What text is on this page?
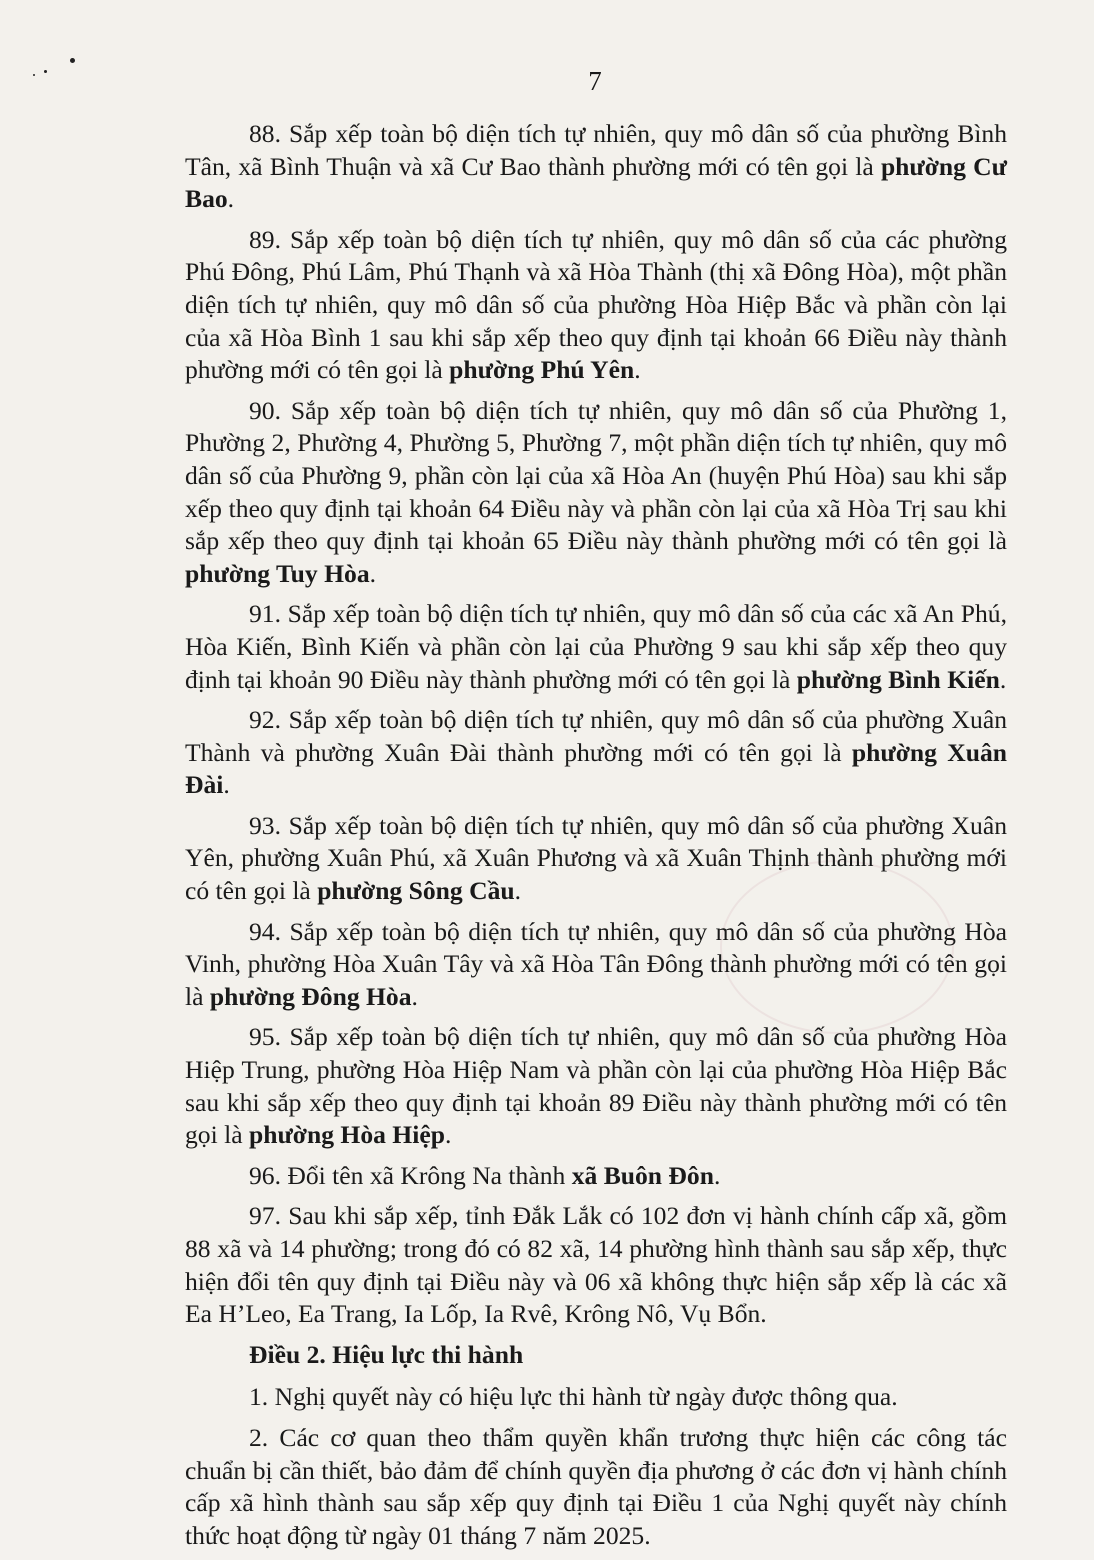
7

88. Sắp xếp toàn bộ diện tích tự nhiên, quy mô dân số của phường Bình Tân, xã Bình Thuận và xã Cư Bao thành phường mới có tên gọi là phường Cư Bao.

89. Sắp xếp toàn bộ diện tích tự nhiên, quy mô dân số của các phường Phú Đông, Phú Lâm, Phú Thạnh và xã Hòa Thành (thị xã Đông Hòa), một phần diện tích tự nhiên, quy mô dân số của phường Hòa Hiệp Bắc và phần còn lại của xã Hòa Bình 1 sau khi sắp xếp theo quy định tại khoản 66 Điều này thành phường mới có tên gọi là phường Phú Yên.

90. Sắp xếp toàn bộ diện tích tự nhiên, quy mô dân số của Phường 1, Phường 2, Phường 4, Phường 5, Phường 7, một phần diện tích tự nhiên, quy mô dân số của Phường 9, phần còn lại của xã Hòa An (huyện Phú Hòa) sau khi sắp xếp theo quy định tại khoản 64 Điều này và phần còn lại của xã Hòa Trị sau khi sắp xếp theo quy định tại khoản 65 Điều này thành phường mới có tên gọi là phường Tuy Hòa.

91. Sắp xếp toàn bộ diện tích tự nhiên, quy mô dân số của các xã An Phú, Hòa Kiến, Bình Kiến và phần còn lại của Phường 9 sau khi sắp xếp theo quy định tại khoản 90 Điều này thành phường mới có tên gọi là phường Bình Kiến.

92. Sắp xếp toàn bộ diện tích tự nhiên, quy mô dân số của phường Xuân Thành và phường Xuân Đài thành phường mới có tên gọi là phường Xuân Đài.

93. Sắp xếp toàn bộ diện tích tự nhiên, quy mô dân số của phường Xuân Yên, phường Xuân Phú, xã Xuân Phương và xã Xuân Thịnh thành phường mới có tên gọi là phường Sông Cầu.

94. Sắp xếp toàn bộ diện tích tự nhiên, quy mô dân số của phường Hòa Vinh, phường Hòa Xuân Tây và xã Hòa Tân Đông thành phường mới có tên gọi là phường Đông Hòa.

95. Sắp xếp toàn bộ diện tích tự nhiên, quy mô dân số của phường Hòa Hiệp Trung, phường Hòa Hiệp Nam và phần còn lại của phường Hòa Hiệp Bắc sau khi sắp xếp theo quy định tại khoản 89 Điều này thành phường mới có tên gọi là phường Hòa Hiệp.

96. Đổi tên xã Krông Na thành xã Buôn Đôn.

97. Sau khi sắp xếp, tỉnh Đắk Lắk có 102 đơn vị hành chính cấp xã, gồm 88 xã và 14 phường; trong đó có 82 xã, 14 phường hình thành sau sắp xếp, thực hiện đổi tên quy định tại Điều này và 06 xã không thực hiện sắp xếp là các xã Ea H’Leo, Ea Trang, Ia Lốp, Ia Rvê, Krông Nô, Vụ Bổn.

Điều 2. Hiệu lực thi hành

1. Nghị quyết này có hiệu lực thi hành từ ngày được thông qua.

2. Các cơ quan theo thẩm quyền khẩn trương thực hiện các công tác chuẩn bị cần thiết, bảo đảm để chính quyền địa phương ở các đơn vị hành chính cấp xã hình thành sau sắp xếp quy định tại Điều 1 của Nghị quyết này chính thức hoạt động từ ngày 01 tháng 7 năm 2025.
